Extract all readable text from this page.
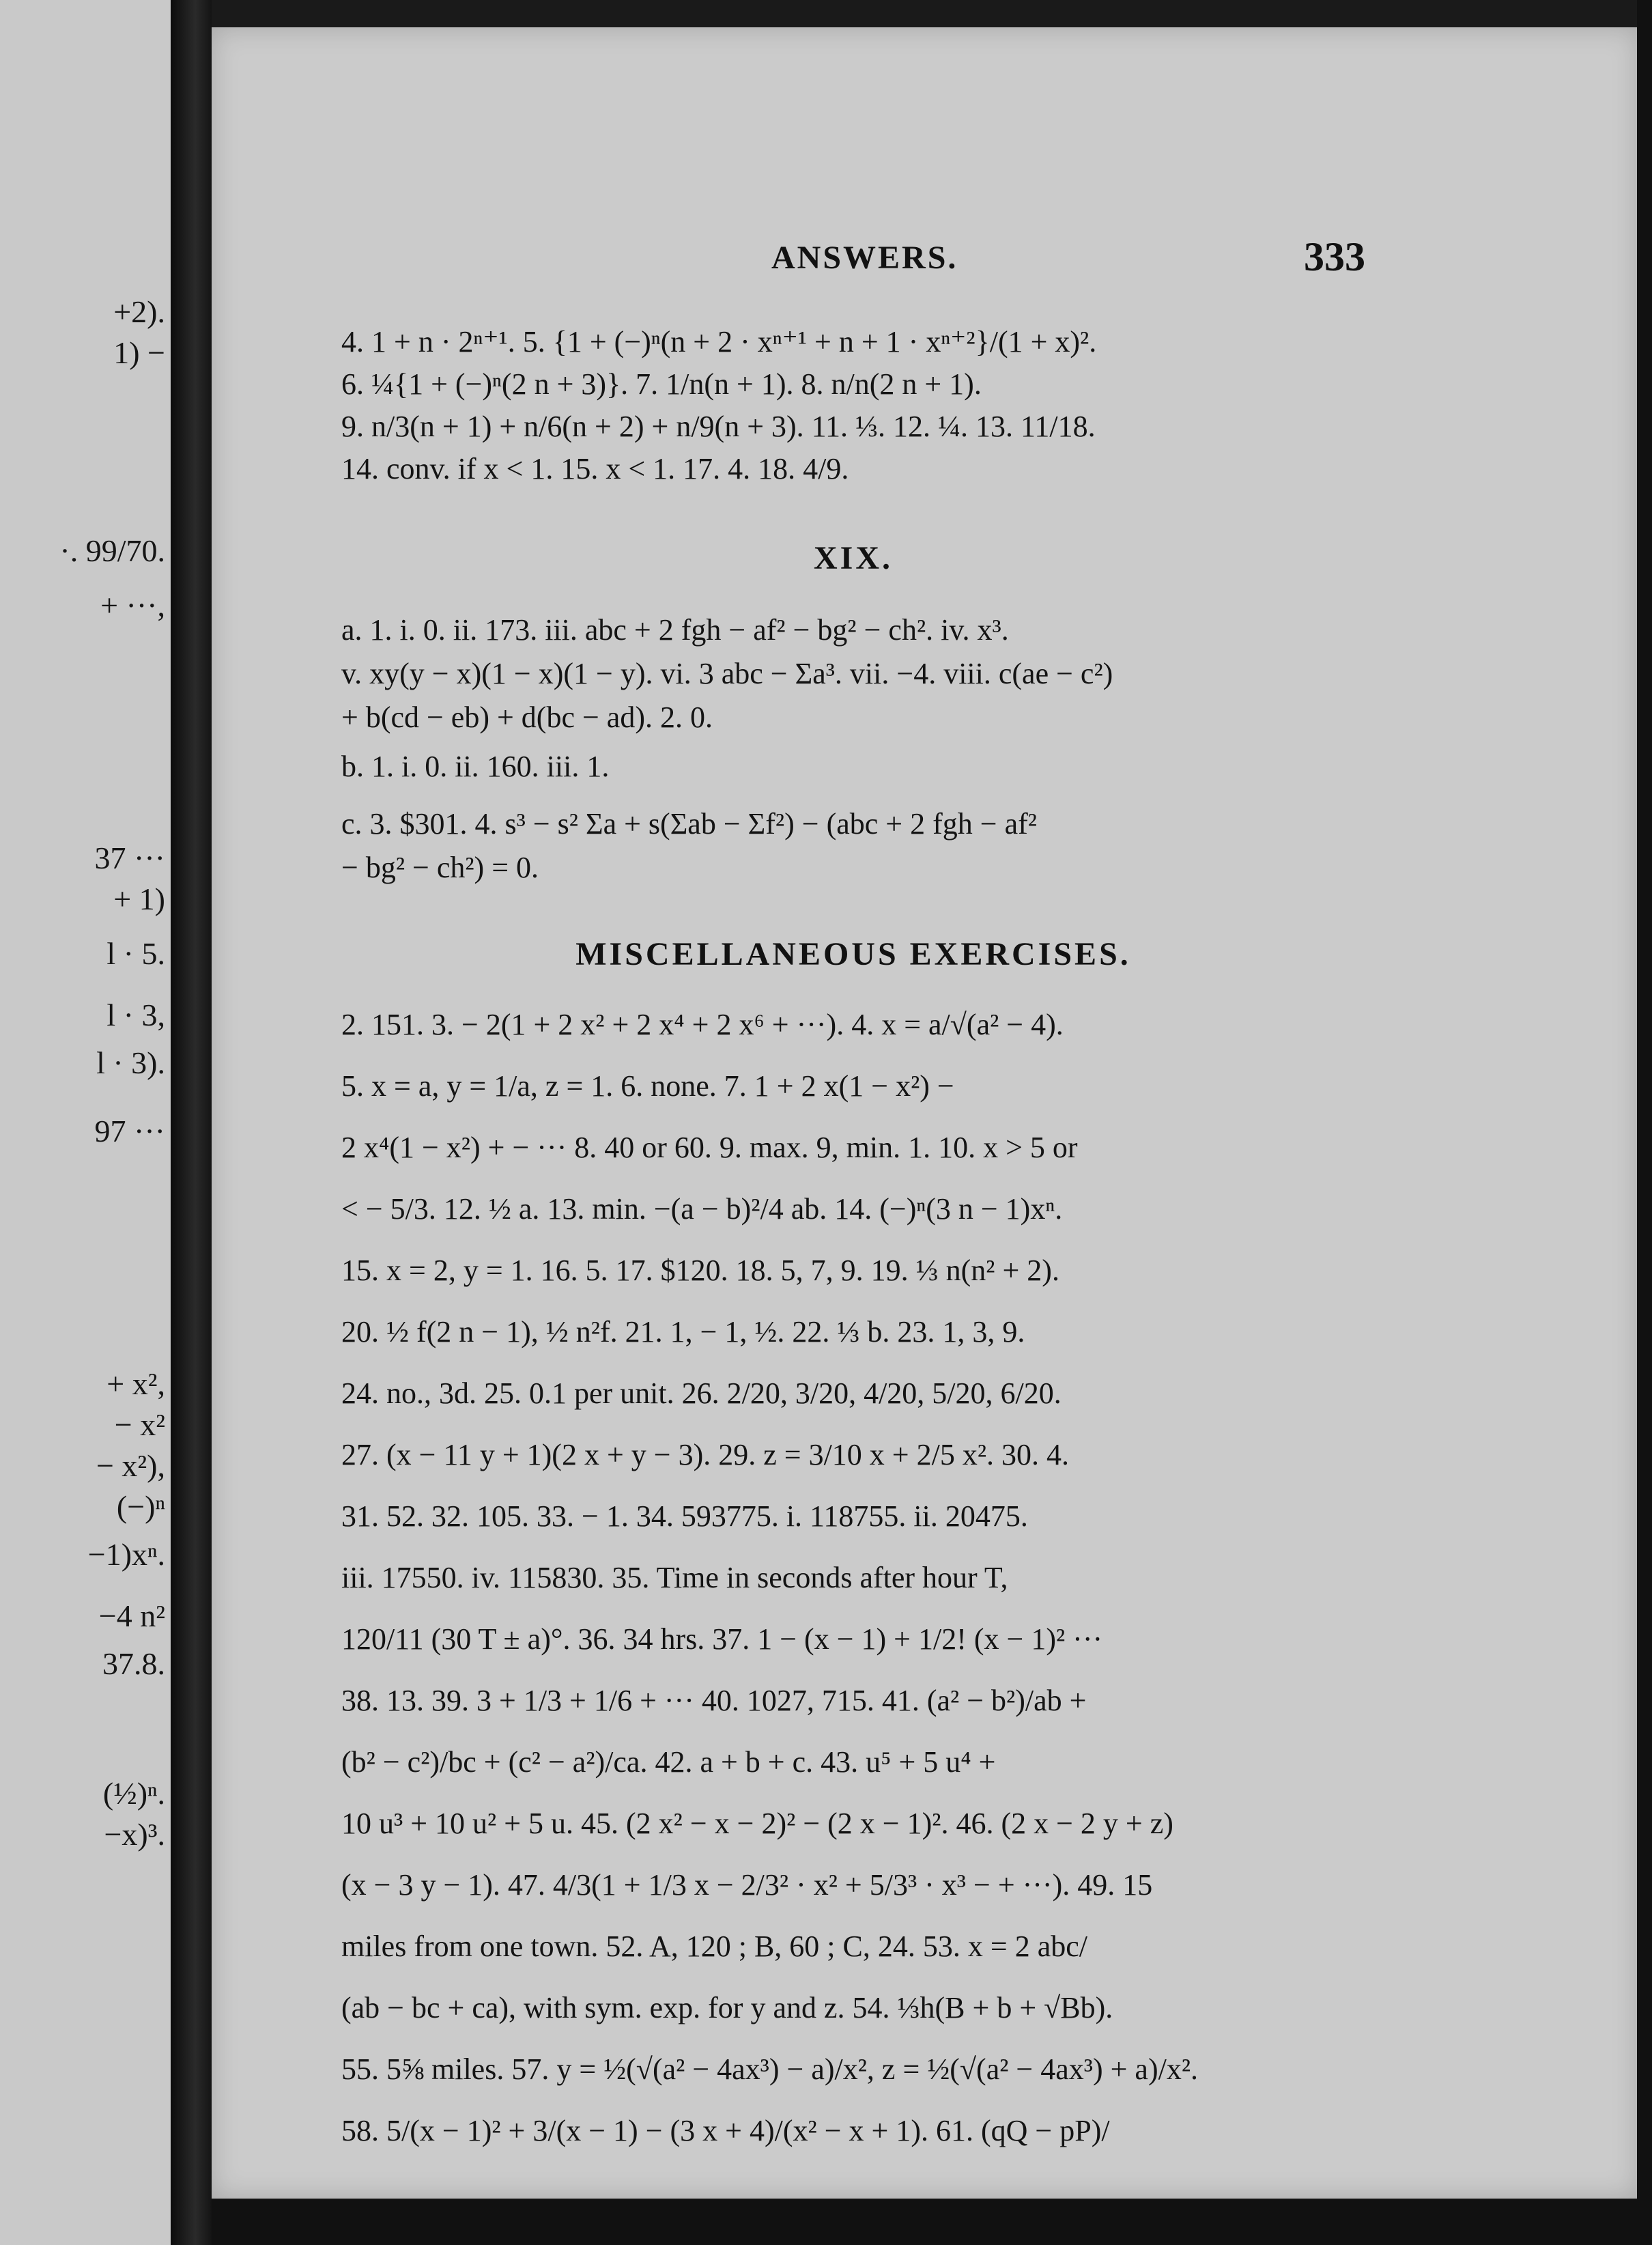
+2).
1) −
·. 99/70.
+ ···,
37 ···
+ 1)
l · 5.
l · 3,
l · 3).
97 ···
+ x²,
− x²
− x²),
(−)ⁿ
−1)xⁿ.
−4 n²
37.8.
(½)ⁿ.
−x)³.
ANSWERS.	333
XIX.
MISCELLANEOUS EXERCISES.
4. 1 + n · 2ⁿ⁺¹. 5. {1 + (−)ⁿ(n + 2 · xⁿ⁺¹ + n + 1 · xⁿ⁺²}/(1 + x)².
6. ¼{1 + (−)ⁿ(2 n + 3)}. 7. 1/n(n + 1). 8. n/n(2 n + 1).
9. n/3(n + 1) + n/6(n + 2) + n/9(n + 3). 11. ⅓. 12. ¼. 13. 11/18.
14. conv. if x < 1. 15. x < 1. 17. 4. 18. 4/9.
a. 1. i. 0. ii. 173. iii. abc + 2 fgh − af² − bg² − ch². iv. x³.
v. xy(y − x)(1 − x)(1 − y). vi. 3 abc − Σa³. vii. −4. viii. c(ae − c²)
+ b(cd − eb) + d(bc − ad). 2. 0.
b. 1. i. 0. ii. 160. iii. 1.
c. 3. $301. 4. s³ − s² Σa + s(Σab − Σf²) − (abc + 2 fgh − af²
− bg² − ch²) = 0.
2. 151. 3. − 2(1 + 2 x² + 2 x⁴ + 2 x⁶ + ···). 4. x = a/√(a² − 4).
5. x = a, y = 1/a, z = 1. 6. none. 7. 1 + 2 x(1 − x²) −
2 x⁴(1 − x²) + − ··· 8. 40 or 60. 9. max. 9, min. 1. 10. x > 5 or
< − 5/3. 12. ½ a. 13. min. −(a − b)²/4 ab. 14. (−)ⁿ(3 n − 1)xⁿ.
15. x = 2, y = 1. 16. 5. 17. $120. 18. 5, 7, 9. 19. ⅓ n(n² + 2).
20. ½ f(2 n − 1), ½ n²f. 21. 1, − 1, ½. 22. ⅓ b. 23. 1, 3, 9.
24. no., 3d. 25. 0.1 per unit. 26. 2/20, 3/20, 4/20, 5/20, 6/20.
27. (x − 11 y + 1)(2 x + y − 3). 29. z = 3/10 x + 2/5 x². 30. 4.
31. 52. 32. 105. 33. − 1. 34. 593775. i. 118755. ii. 20475.
iii. 17550. iv. 115830. 35. Time in seconds after hour T,
120/11 (30 T ± a)°. 36. 34 hrs. 37. 1 − (x − 1) + 1/2! (x − 1)² ···
38. 13. 39. 3 + 1/3 + 1/6 + ··· 40. 1027, 715. 41. (a² − b²)/ab +
(b² − c²)/bc + (c² − a²)/ca. 42. a + b + c. 43. u⁵ + 5 u⁴ +
10 u³ + 10 u² + 5 u. 45. (2 x² − x − 2)² − (2 x − 1)². 46. (2 x − 2 y + z)
(x − 3 y − 1). 47. 4/3(1 + 1/3 x − 2/3² · x² + 5/3³ · x³ − + ···). 49. 15
miles from one town. 52. A, 120 ; B, 60 ; C, 24. 53. x = 2 abc/
(ab − bc + ca), with sym. exp. for y and z. 54. ⅓h(B + b + √Bb).
55. 5⅝ miles. 57. y = ½(√(a² − 4ax³) − a)/x², z = ½(√(a² − 4ax³) + a)/x².
58. 5/(x − 1)² + 3/(x − 1) − (3 x + 4)/(x² − x + 1). 61. (qQ − pP)/
